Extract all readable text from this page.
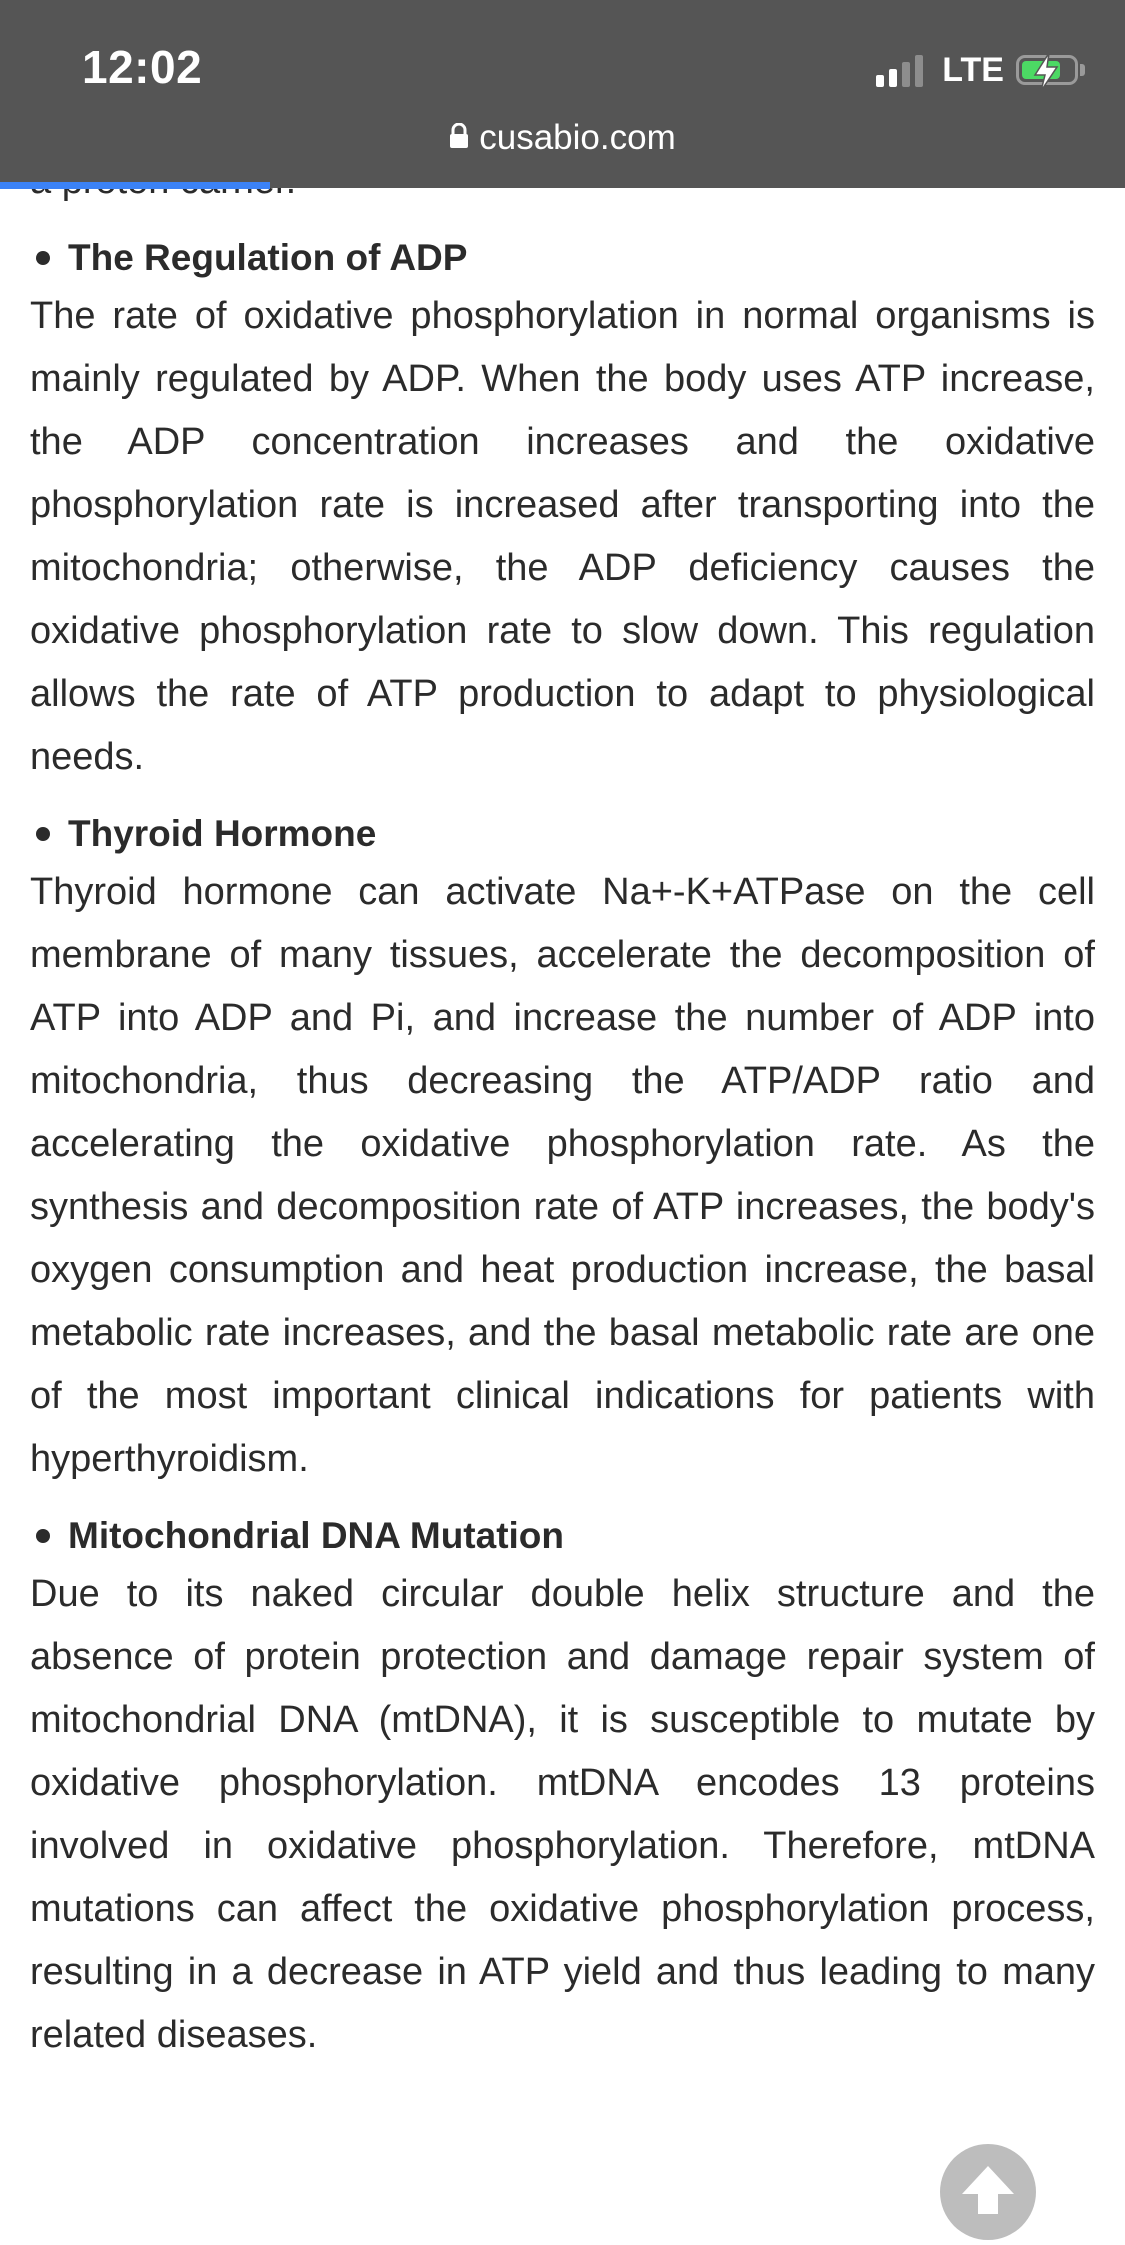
12:02	LTE
cusabio.com

The Regulation of ADP

The rate of oxidative phosphorylation in normal organisms is mainly regulated by ADP. When the body uses ATP increase, the ADP concentration increases and the oxidative phosphorylation rate is increased after transporting into the mitochondria; otherwise, the ADP deficiency causes the oxidative phosphorylation rate to slow down. This regulation allows the rate of ATP production to adapt to physiological needs.

Thyroid Hormone

Thyroid hormone can activate Na+-K+ATPase on the cell membrane of many tissues, accelerate the decomposition of ATP into ADP and Pi, and increase the number of ADP into mitochondria, thus decreasing the ATP/ADP ratio and accelerating the oxidative phosphorylation rate. As the synthesis and decomposition rate of ATP increases, the body's oxygen consumption and heat production increase, the basal metabolic rate increases, and the basal metabolic rate are one of the most important clinical indications for patients with hyperthyroidism.

Mitochondrial DNA Mutation

Due to its naked circular double helix structure and the absence of protein protection and damage repair system of mitochondrial DNA (mtDNA), it is susceptible to mutate by oxidative phosphorylation. mtDNA encodes 13 proteins involved in oxidative phosphorylation. Therefore, mtDNA mutations can affect the oxidative phosphorylation process, resulting in a decrease in ATP yield and thus leading to many related diseases.
